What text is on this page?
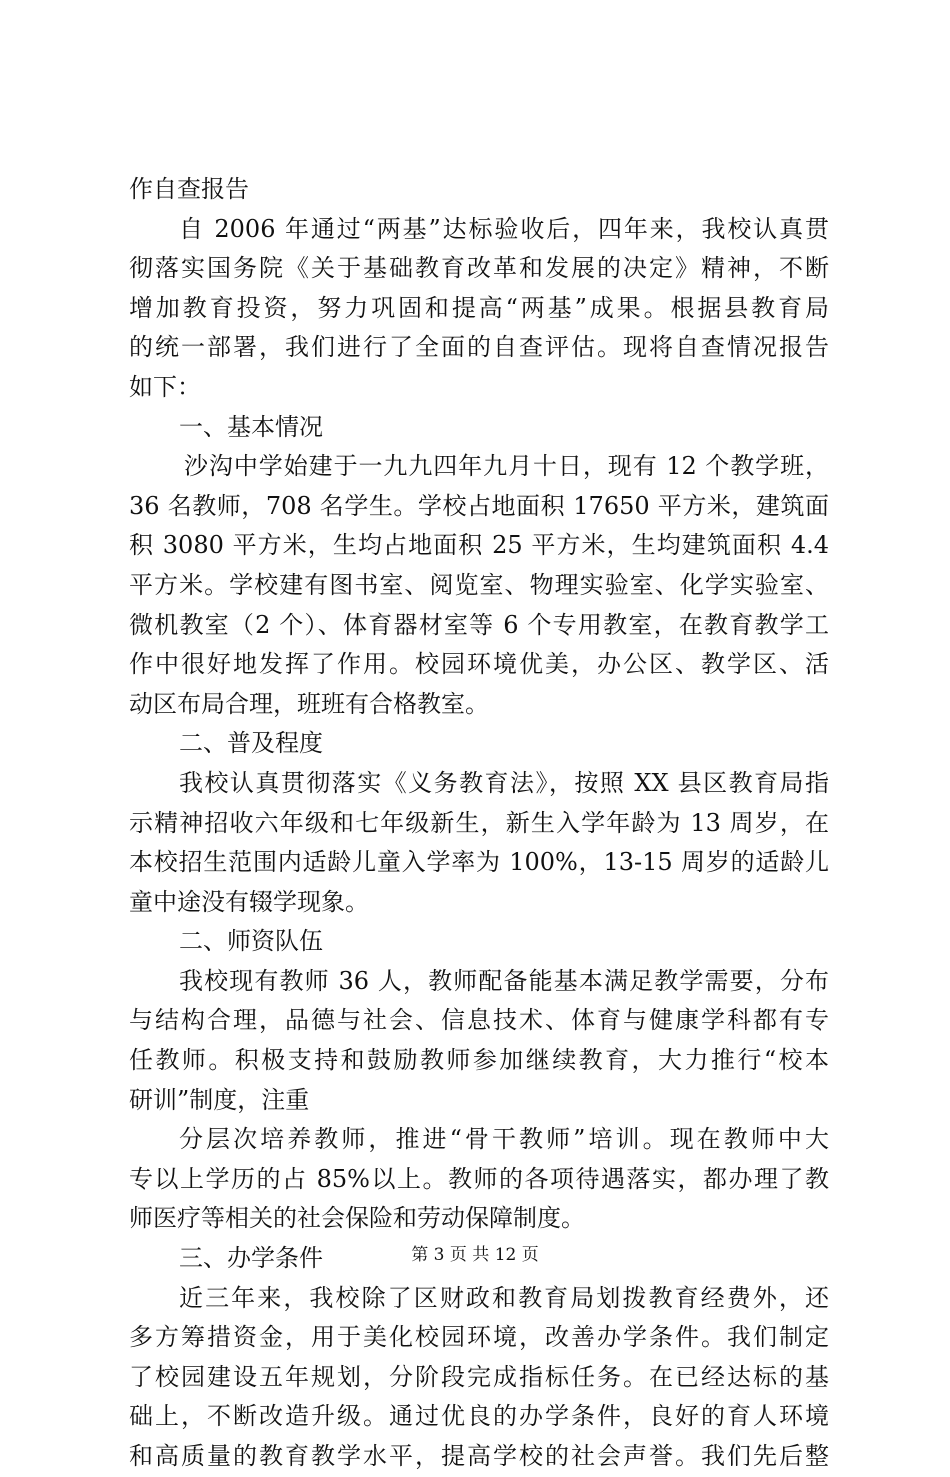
作自查报告
自 2006 年通过“两基”达标验收后，四年来，我校认真贯
彻落实国务院《关于基础教育改革和发展的决定》精神，不断
增加教育投资，努力巩固和提高“两基”成果。根据县教育局
的统一部署，我们进行了全面的自查评估。现将自查情况报告
如下：
一、基本情况
沙沟中学始建于一九九四年九月十日，现有 12 个教学班，
36 名教师，708 名学生。学校占地面积 17650 平方米，建筑面
积 3080 平方米，生均占地面积 25 平方米，生均建筑面积 4.4
平方米。学校建有图书室、阅览室、物理实验室、化学实验室、
微机教室（2 个）、体育器材室等 6 个专用教室，在教育教学工
作中很好地发挥了作用。校园环境优美，办公区、教学区、活
动区布局合理，班班有合格教室。
二、普及程度
我校认真贯彻落实《义务教育法》，按照 XX 县区教育局指
示精神招收六年级和七年级新生，新生入学年龄为 13 周岁，在
本校招生范围内适龄儿童入学率为 100%，13-15 周岁的适龄儿
童中途没有辍学现象。
二、师资队伍
我校现有教师 36 人，教师配备能基本满足教学需要，分布
与结构合理，品德与社会、信息技术、体育与健康学科都有专
任教师。积极支持和鼓励教师参加继续教育，大力推行“校本
研训”制度，注重
分层次培养教师，推进“骨干教师”培训。现在教师中大
专以上学历的占 85%以上。教师的各项待遇落实，都办理了教
师医疗等相关的社会保险和劳动保障制度。
三、办学条件
近三年来，我校除了区财政和教育局划拨教育经费外，还
多方筹措资金，用于美化校园环境，改善办学条件。我们制定
了校园建设五年规划，分阶段完成指标任务。在已经达标的基
础上，不断改造升级。通过优良的办学条件，良好的育人环境
和高质量的教育教学水平，提高学校的社会声誉。我们先后整
第 3 页 共 12 页
